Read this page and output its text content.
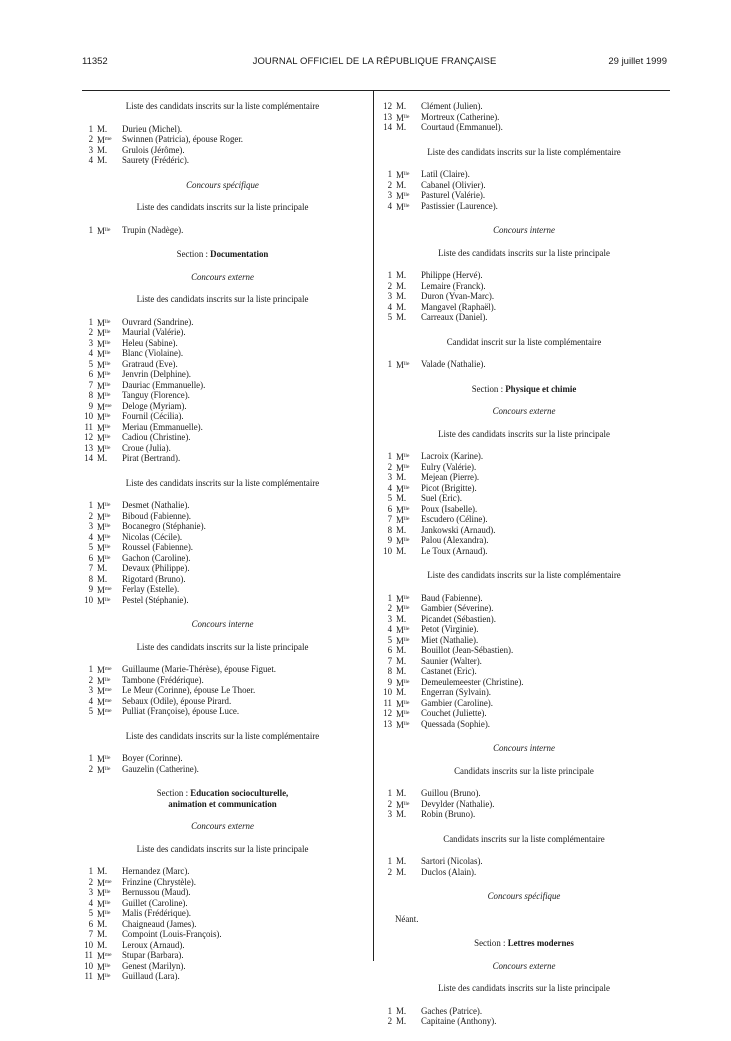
11352	JOURNAL OFFICIEL DE LA RÉPUBLIQUE FRANÇAISE	29 juillet 1999
Liste des candidats inscrits sur la liste complémentaire
1 M.	Durieu (Michel).
2 $M^{me}$	Swinnen (Patricia), épouse Roger.
3 M.	Grulois (Jérôme).
4 M.	Saurety (Frédéric).
Concours spécifique
Liste des candidats inscrits sur la liste principale
1 $M^{lle}$	Trupin (Nadège).
Section : Documentation
Concours externe
Liste des candidats inscrits sur la liste principale
1 $M^{lle}$	Ouvrard (Sandrine).
2 $M^{lle}$	Maurial (Valérie).
3 $M^{lle}$	Heleu (Sabine).
4 $M^{lle}$	Blanc (Violaine).
5 $M^{lle}$	Gratraud (Eve).
6 $M^{lle}$	Jenvrin (Delphine).
7 $M^{lle}$	Dauriac (Emmanuelle).
8 $M^{lle}$	Tanguy (Florence).
9 $M^{me}$	Deloge (Myriam).
10 $M^{lle}$	Fournil (Cécilia).
11 $M^{lle}$	Meriau (Emmanuelle).
12 $M^{lle}$	Cadiou (Christine).
13 $M^{lle}$	Croue (Julia).
14 M.	Pirat (Bertrand).
Liste des candidats inscrits sur la liste complémentaire
1 $M^{lle}$	Desmet (Nathalie).
2 $M^{lle}$	Biboud (Fabienne).
3 $M^{lle}$	Bocanegro (Stéphanie).
4 $M^{lle}$	Nicolas (Cécile).
5 $M^{lle}$	Roussel (Fabienne).
6 $M^{lle}$	Gachon (Caroline).
7 M.	Devaux (Philippe).
8 M.	Rigotard (Bruno).
9 $M^{me}$	Ferlay (Estelle).
10 $M^{lle}$	Pestel (Stéphanie).
Concours interne
Liste des candidats inscrits sur la liste principale
1 $M^{me}$	Guillaume (Marie-Thérèse), épouse Figuet.
2 $M^{lle}$	Tambone (Frédérique).
3 $M^{me}$	Le Meur (Corinne), épouse Le Thoer.
4 $M^{me}$	Sebaux (Odile), épouse Pirard.
5 $M^{me}$	Pulliat (Françoise), épouse Luce.
Liste des candidats inscrits sur la liste complémentaire
1 $M^{lle}$	Boyer (Corinne).
2 $M^{lle}$	Gauzelin (Catherine).
Section : Education socioculturelle,
animation et communication
Concours externe
Liste des candidats inscrits sur la liste principale
1 M.	Hernandez (Marc).
2 $M^{me}$	Frinzine (Chrystèle).
3 $M^{lle}$	Bernussou (Maud).
4 $M^{lle}$	Guillet (Caroline).
5 $M^{lle}$	Malis (Frédérique).
6 M.	Chaigneaud (James).
7 M.	Compoint (Louis-François).
10 M.	Leroux (Arnaud).
11 $M^{me}$	Stupar (Barbara).
10 $M^{lle}$	Genest (Marilyn).
11 $M^{lle}$	Guillaud (Lara).
12 M.	Clément (Julien).
13 $M^{lle}$	Mortreux (Catherine).
14 M.	Courtaud (Emmanuel).
Liste des candidats inscrits sur la liste complémentaire
1 $M^{lle}$	Latil (Claire).
2 M.	Cabanel (Olivier).
3 $M^{lle}$	Pasturel (Valérie).
4 $M^{lle}$	Pastissier (Laurence).
Concours interne
Liste des candidats inscrits sur la liste principale
1 M.	Philippe (Hervé).
2 M.	Lemaire (Franck).
3 M.	Duron (Yvan-Marc).
4 M.	Mangavel (Raphaël).
5 M.	Carreaux (Daniel).
Candidat inscrit sur la liste complémentaire
1 $M^{lle}$	Valade (Nathalie).
Section : Physique et chimie
Concours externe
Liste des candidats inscrits sur la liste principale
1 $M^{lle}$	Lacroix (Karine).
2 $M^{lle}$	Eulry (Valérie).
3 M.	Mejean (Pierre).
4 $M^{lle}$	Picot (Brigitte).
5 M.	Suel (Eric).
6 $M^{lle}$	Poux (Isabelle).
7 $M^{lle}$	Escudero (Céline).
8 M.	Jankowski (Arnaud).
9 $M^{lle}$	Palou (Alexandra).
10 M.	Le Toux (Arnaud).
Liste des candidats inscrits sur la liste complémentaire
1 $M^{lle}$	Baud (Fabienne).
2 $M^{lle}$	Gambier (Séverine).
3 M.	Picandet (Sébastien).
4 $M^{lle}$	Petot (Virginie).
5 $M^{lle}$	Miet (Nathalie).
6 M.	Bouillot (Jean-Sébastien).
7 M.	Saunier (Walter).
8 M.	Castanet (Eric).
9 $M^{lle}$	Demeulemeester (Christine).
10 M.	Engerran (Sylvain).
11 $M^{lle}$	Gambier (Caroline).
12 $M^{lle}$	Couchet (Juliette).
13 $M^{lle}$	Quessada (Sophie).
Concours interne
Candidats inscrits sur la liste principale
1 M.	Guillou (Bruno).
2 $M^{lle}$	Devylder (Nathalie).
3 M.	Robin (Bruno).
Candidats inscrits sur la liste complémentaire
1 M.	Sartori (Nicolas).
2 M.	Duclos (Alain).
Concours spécifique
Néant.
Section : Lettres modernes
Concours externe
Liste des candidats inscrits sur la liste principale
1 M.	Gaches (Patrice).
2 M.	Capitaine (Anthony).
